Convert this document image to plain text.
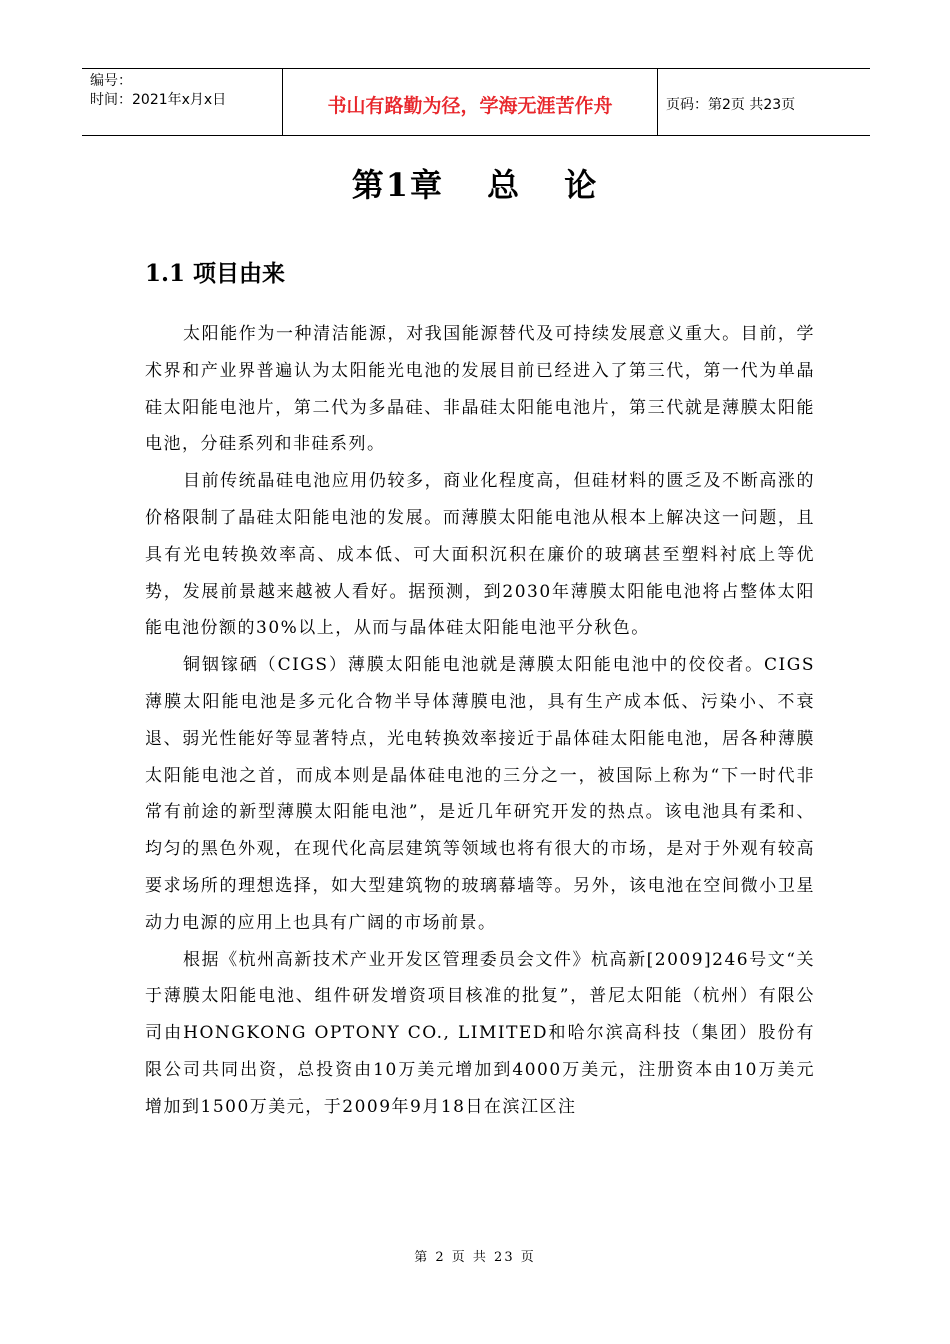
编号：
时间：2021年x月x日	书山有路勤为径，学海无涯苦作舟	页码：第2页 共23页
第1章 总 论
1.1 项目由来

太阳能作为一种清洁能源，对我国能源替代及可持续发展意义重大。目前，学术界和产业界普遍认为太阳能光电池的发展目前已经进入了第三代，第一代为单晶硅太阳能电池片，第二代为多晶硅、非晶硅太阳能电池片，第三代就是薄膜太阳能电池，分硅系列和非硅系列。

目前传统晶硅电池应用仍较多，商业化程度高，但硅材料的匮乏及不断高涨的价格限制了晶硅太阳能电池的发展。而薄膜太阳能电池从根本上解决这一问题，且具有光电转换效率高、成本低、可大面积沉积在廉价的玻璃甚至塑料衬底上等优势，发展前景越来越被人看好。据预测，到2030年薄膜太阳能电池将占整体太阳能电池份额的30%以上，从而与晶体硅太阳能电池平分秋色。

铜铟镓硒（CIGS）薄膜太阳能电池就是薄膜太阳能电池中的佼佼者。CIGS薄膜太阳能电池是多元化合物半导体薄膜电池，具有生产成本低、污染小、不衰退、弱光性能好等显著特点，光电转换效率接近于晶体硅太阳能电池，居各种薄膜太阳能电池之首，而成本则是晶体硅电池的三分之一，被国际上称为“下一时代非常有前途的新型薄膜太阳能电池”，是近几年研究开发的热点。该电池具有柔和、均匀的黑色外观，在现代化高层建筑等领域也将有很大的市场，是对于外观有较高要求场所的理想选择，如大型建筑物的玻璃幕墙等。另外，该电池在空间微小卫星动力电源的应用上也具有广阔的市场前景。

根据《杭州高新技术产业开发区管理委员会文件》杭高新[2009]246号文“关于薄膜太阳能电池、组件研发增资项目核准的批复”，普尼太阳能（杭州）有限公司由HONGKONG OPTONY CO., LIMITED和哈尔滨高科技（集团）股份有限公司共同出资，总投资由10万美元增加到4000万美元，注册资本由10万美元增加到1500万美元，于2009年9月18日在滨江区注

第 2 页 共 23 页
